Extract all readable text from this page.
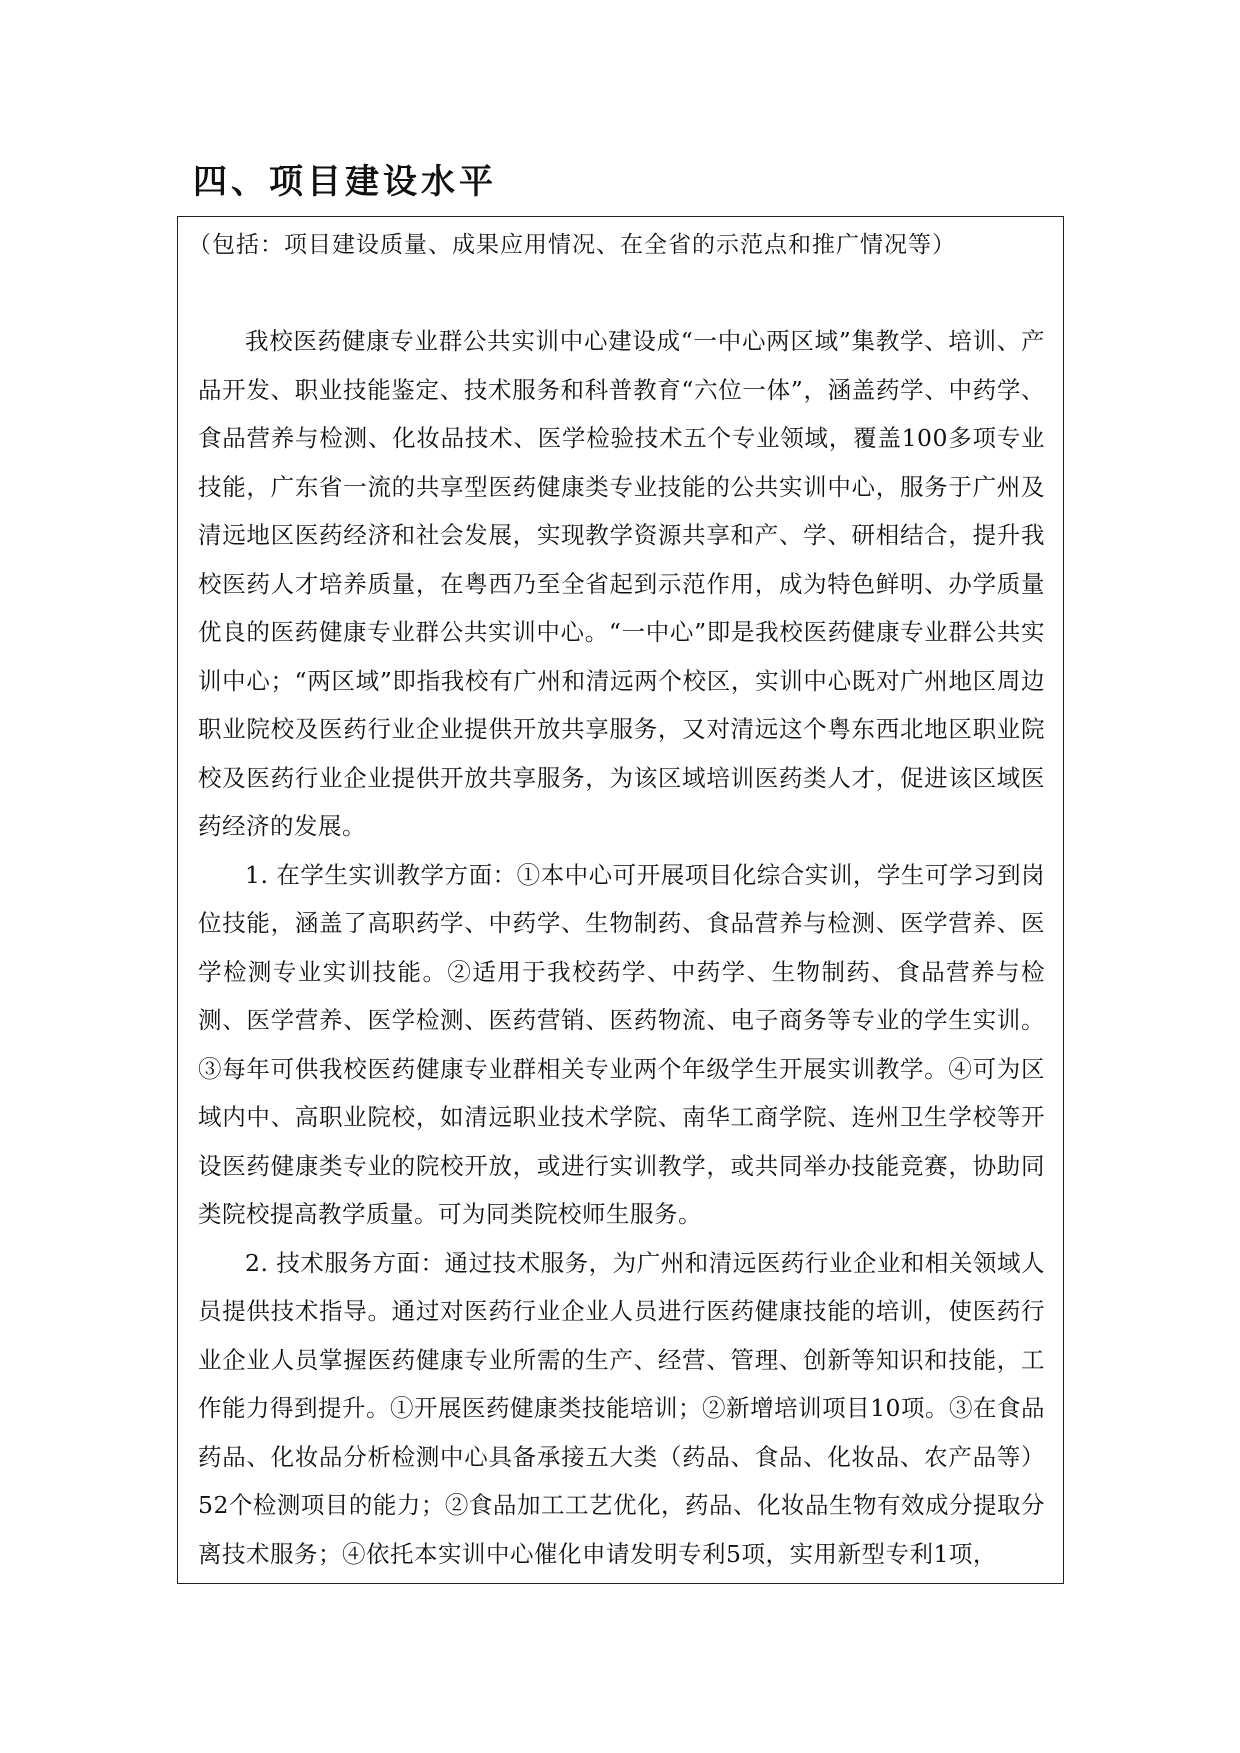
四、项目建设水平
（包括：项目建设质量、成果应用情况、在全省的示范点和推广情况等）

我校医药健康专业群公共实训中心建设成“一中心两区域”集教学、培训、产品开发、职业技能鉴定、技术服务和科普教育“六位一体”，涵盖药学、中药学、食品营养与检测、化妆品技术、医学检验技术五个专业领域，覆盖100多项专业技能，广东省一流的共享型医药健康类专业技能的公共实训中心，服务于广州及清远地区医药经济和社会发展，实现教学资源共享和产、学、研相结合，提升我校医药人才培养质量，在粤西乃至全省起到示范作用，成为特色鲜明、办学质量优良的医药健康专业群公共实训中心。“一中心”即是我校医药健康专业群公共实训中心；“两区域”即指我校有广州和清远两个校区，实训中心既对广州地区周边职业院校及医药行业企业提供开放共享服务，又对清远这个粤东西北地区职业院校及医药行业企业提供开放共享服务，为该区域培训医药类人才，促进该区域医药经济的发展。

1. 在学生实训教学方面：①本中心可开展项目化综合实训，学生可学习到岗位技能，涵盖了高职药学、中药学、生物制药、食品营养与检测、医学营养、医学检测专业实训技能。②适用于我校药学、中药学、生物制药、食品营养与检测、医学营养、医学检测、医药营销、医药物流、电子商务等专业的学生实训。③每年可供我校医药健康专业群相关专业两个年级学生开展实训教学。④可为区域内中、高职业院校，如清远职业技术学院、南华工商学院、连州卫生学校等开设医药健康类专业的院校开放，或进行实训教学，或共同举办技能竞赛，协助同类院校提高教学质量。可为同类院校师生服务。

2. 技术服务方面：通过技术服务，为广州和清远医药行业企业和相关领域人员提供技术指导。通过对医药行业企业人员进行医药健康技能的培训，使医药行业企业人员掌握医药健康专业所需的生产、经营、管理、创新等知识和技能，工作能力得到提升。①开展医药健康类技能培训；②新增培训项目10项。③在食品药品、化妆品分析检测中心具备承接五大类（药品、食品、化妆品、农产品等）52个检测项目的能力；②食品加工工艺优化，药品、化妆品生物有效成分提取分离技术服务；④依托本实训中心催化申请发明专利5项，实用新型专利1项，
